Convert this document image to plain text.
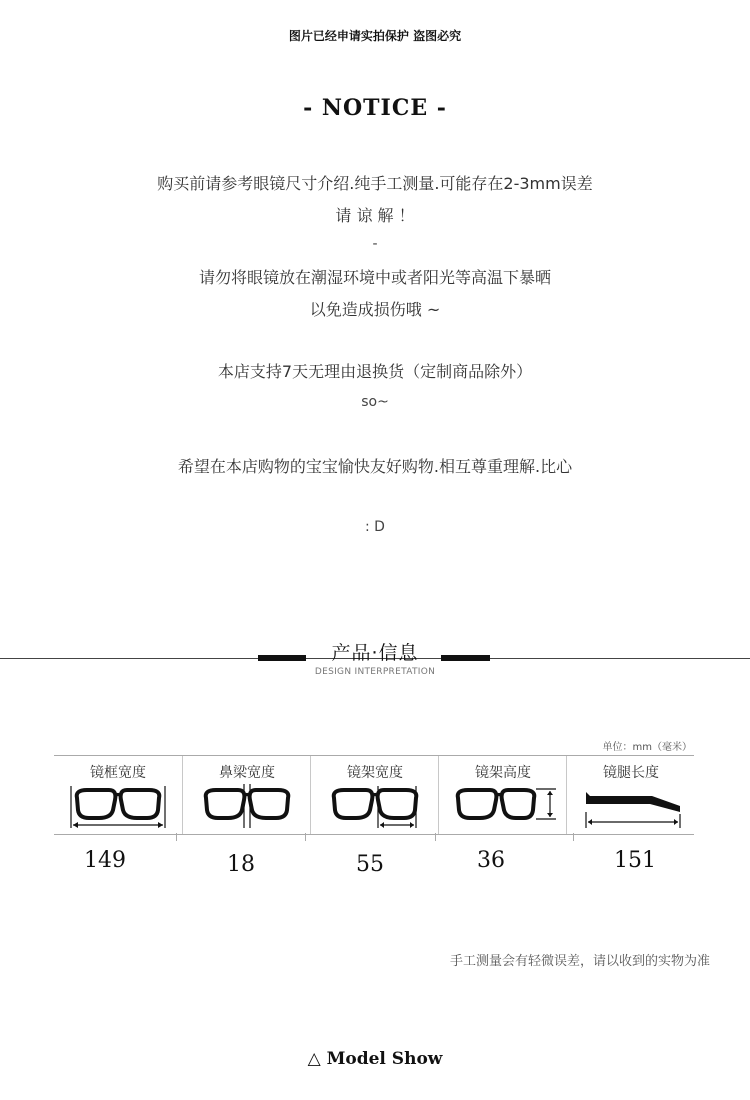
图片已经申请实拍保护 盗图必究
- NOTICE -
购买前请参考眼镜尺寸介绍.纯手工测量.可能存在2-3mm误差
请 谅 解 ！
-
请勿将眼镜放在潮湿环境中或者阳光等高温下暴晒
以免造成损伤哦 ~
本店支持7天无理由退换货（定制商品除外）
so~
希望在本店购物的宝宝愉快友好购物.相互尊重理解.比心
: D
产品·信息
DESIGN INTERPRETATION
单位：mm（毫米）
镜框宽度	鼻梁宽度	镜架宽度	镜架高度	镜腿长度
149	18	55	36	151
手工测量会有轻微误差，请以收到的实物为准
△ Model Show
